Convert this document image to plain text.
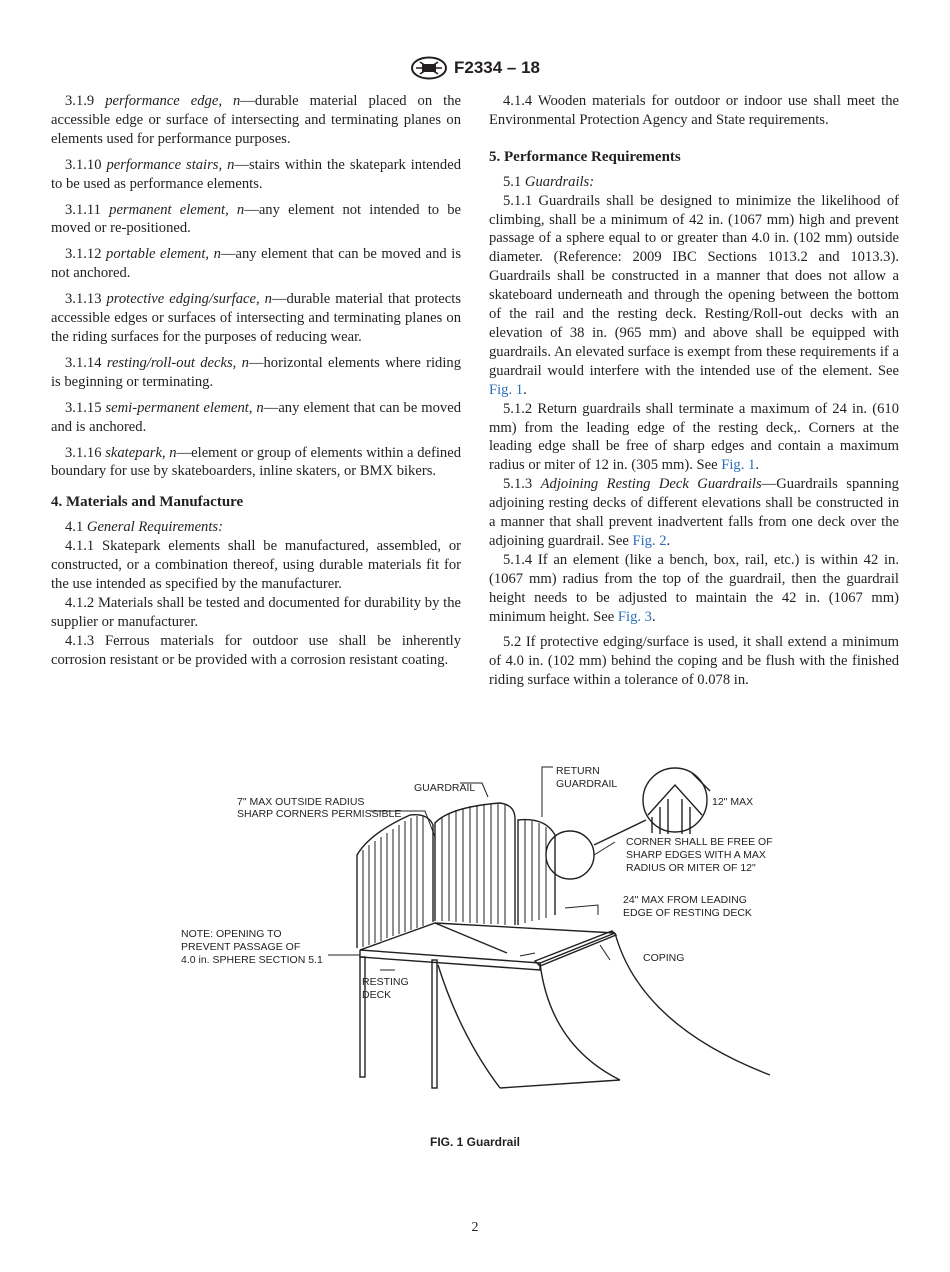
F2334 – 18

3.1.9 performance edge, n—durable material placed on the accessible edge or surface of intersecting and terminating planes on elements used for performance purposes.

3.1.10 performance stairs, n—stairs within the skatepark intended to be used as performance elements.

3.1.11 permanent element, n—any element not intended to be moved or re-positioned.

3.1.12 portable element, n—any element that can be moved and is not anchored.

3.1.13 protective edging/surface, n—durable material that protects accessible edges or surfaces of intersecting and terminating planes on the riding surfaces for the purposes of reducing wear.

3.1.14 resting/roll-out decks, n—horizontal elements where riding is beginning or terminating.

3.1.15 semi-permanent element, n—any element that can be moved and is anchored.

3.1.16 skatepark, n—element or group of elements within a defined boundary for use by skateboarders, inline skaters, or BMX bikers.

4. Materials and Manufacture

4.1 General Requirements:

4.1.1 Skatepark elements shall be manufactured, assembled, or constructed, or a combination thereof, using durable materials fit for the use intended as specified by the manufacturer.

4.1.2 Materials shall be tested and documented for durability by the supplier or manufacturer.

4.1.3 Ferrous materials for outdoor use shall be inherently corrosion resistant or be provided with a corrosion resistant coating.

4.1.4 Wooden materials for outdoor or indoor use shall meet the Environmental Protection Agency and State requirements.

5. Performance Requirements

5.1 Guardrails:

5.1.1 Guardrails shall be designed to minimize the likelihood of climbing, shall be a minimum of 42 in. (1067 mm) high and prevent passage of a sphere equal to or greater than 4.0 in. (102 mm) outside diameter. (Reference: 2009 IBC Sections 1013.2 and 1013.3). Guardrails shall be constructed in a manner that does not allow a skateboard underneath and through the opening between the bottom of the rail and the resting deck. Resting/Roll-out decks with an elevation of 38 in. (965 mm) and above shall be equipped with guardrails. An elevated surface is exempt from these requirements if a guardrail would interfere with the intended use of the element. See Fig. 1.

5.1.2 Return guardrails shall terminate a maximum of 24 in. (610 mm) from the leading edge of the resting deck,. Corners at the leading edge shall be free of sharp edges and contain a maximum radius or miter of 12 in. (305 mm). See Fig. 1.

5.1.3 Adjoining Resting Deck Guardrails—Guardrails spanning adjoining resting decks of different elevations shall be constructed in a manner that shall prevent inadvertent falls from one deck over the adjoining guardrail. See Fig. 2.

5.1.4 If an element (like a bench, box, rail, etc.) is within 42 in. (1067 mm) radius from the top of the guardrail, then the guardrail height needs to be adjusted to maintain the 42 in. (1067 mm) minimum height. See Fig. 3.

5.2 If protective edging/surface is used, it shall extend a minimum of 4.0 in. (102 mm) behind the coping and be flush with the finished riding surface within a tolerance of 0.078 in.

7" MAX OUTSIDE RADIUS
SHARP CORNERS PERMISSIBLE
GUARDRAIL
RETURN
GUARDRAIL
12" MAX
CORNER SHALL BE FREE OF
SHARP EDGES WITH A MAX
RADIUS OR MITER OF 12"
24" MAX FROM LEADING
EDGE OF RESTING DECK
NOTE: OPENING TO
PREVENT PASSAGE OF
4.0 in. SPHERE SECTION 5.1	COPING
RESTING
DECK
FIG. 1 Guardrail
2
